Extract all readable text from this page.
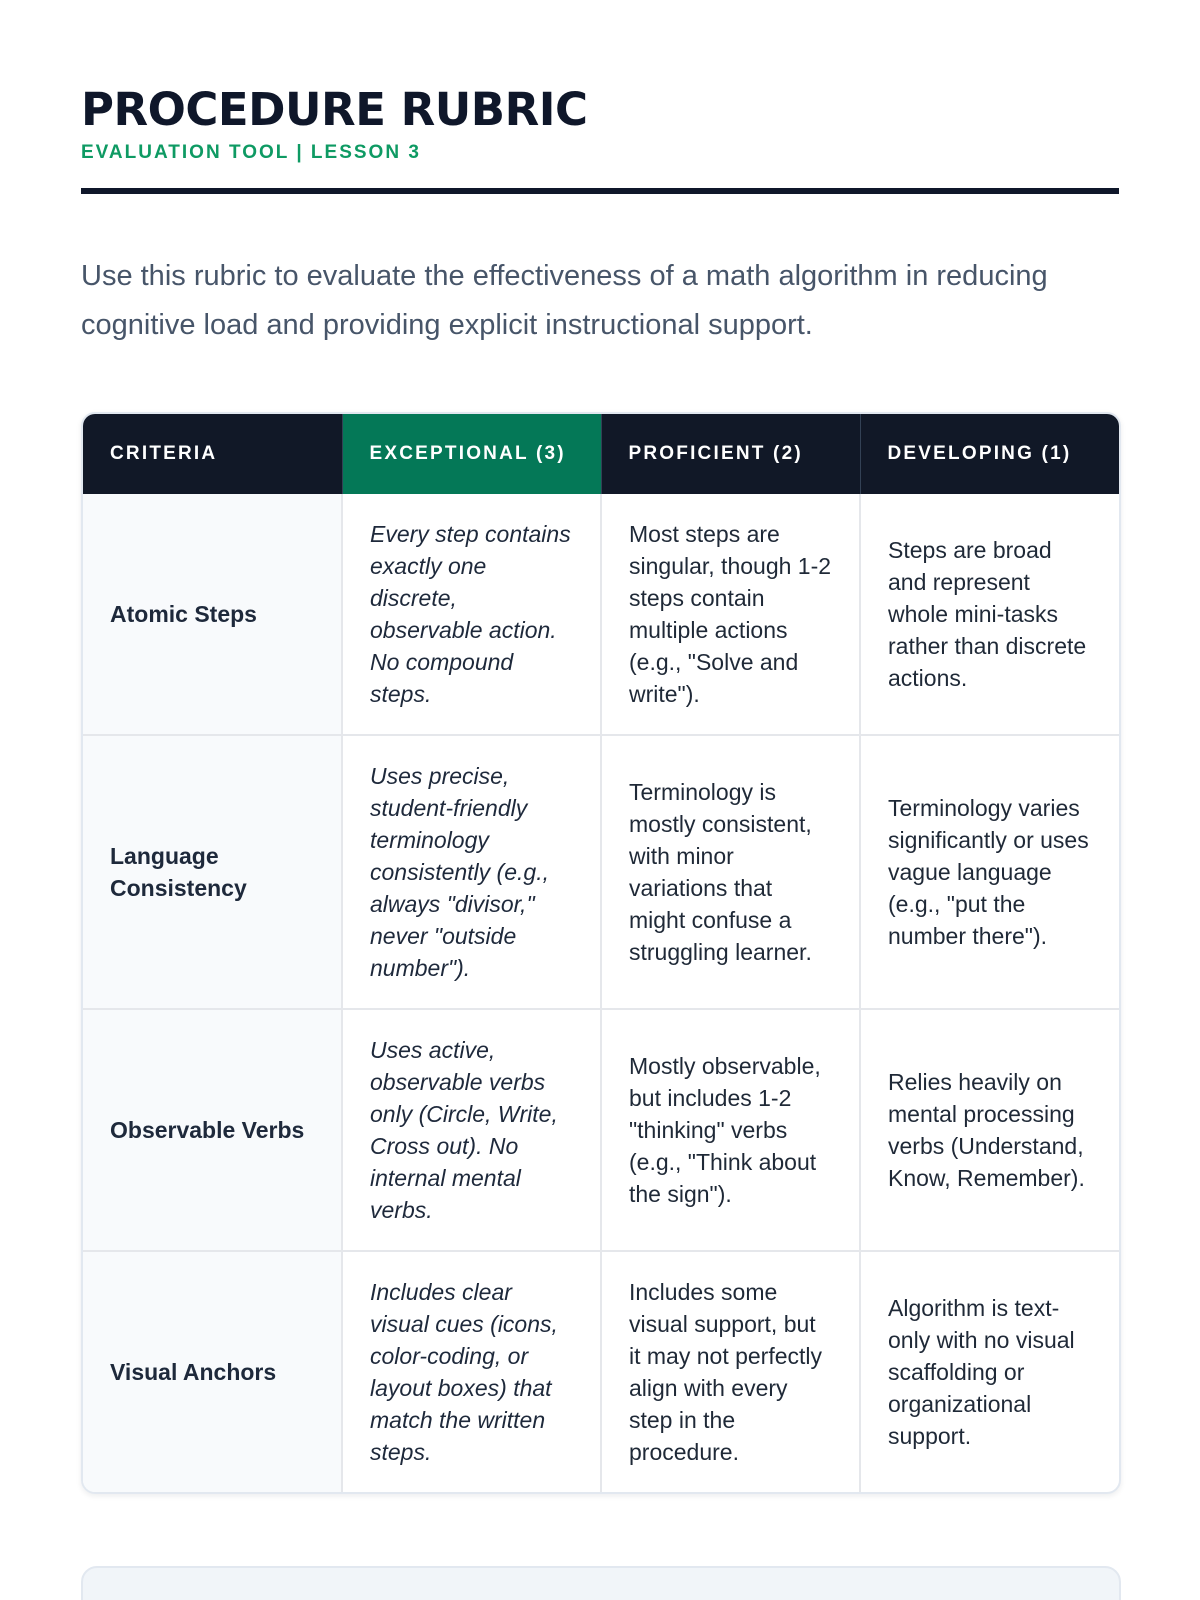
PROCEDURE RUBRIC
EVALUATION TOOL | LESSON 3

Use this rubric to evaluate the effectiveness of a math algorithm in reducing cognitive load and providing explicit instructional support.

CRITERIA	EXCEPTIONAL (3)	PROFICIENT (2)	DEVELOPING (1)
Atomic Steps	Every step contains exactly one discrete, observable action. No compound steps.	Most steps are singular, though 1-2 steps contain multiple actions (e.g., "Solve and write").	Steps are broad and represent whole mini-tasks rather than discrete actions.
Language Consistency	Uses precise, student-friendly terminology consistently (e.g., always "divisor," never "outside number").	Terminology is mostly consistent, with minor variations that might confuse a struggling learner.	Terminology varies significantly or uses vague language (e.g., "put the number there").
Observable Verbs	Uses active, observable verbs only (Circle, Write, Cross out). No internal mental verbs.	Mostly observable, but includes 1-2 "thinking" verbs (e.g., "Think about the sign").	Relies heavily on mental processing verbs (Understand, Know, Remember).
Visual Anchors	Includes clear visual cues (icons, color-coding, or layout boxes) that match the written steps.	Includes some visual support, but it may not perfectly align with every step in the procedure.	Algorithm is text-only with no visual scaffolding or organizational support.
